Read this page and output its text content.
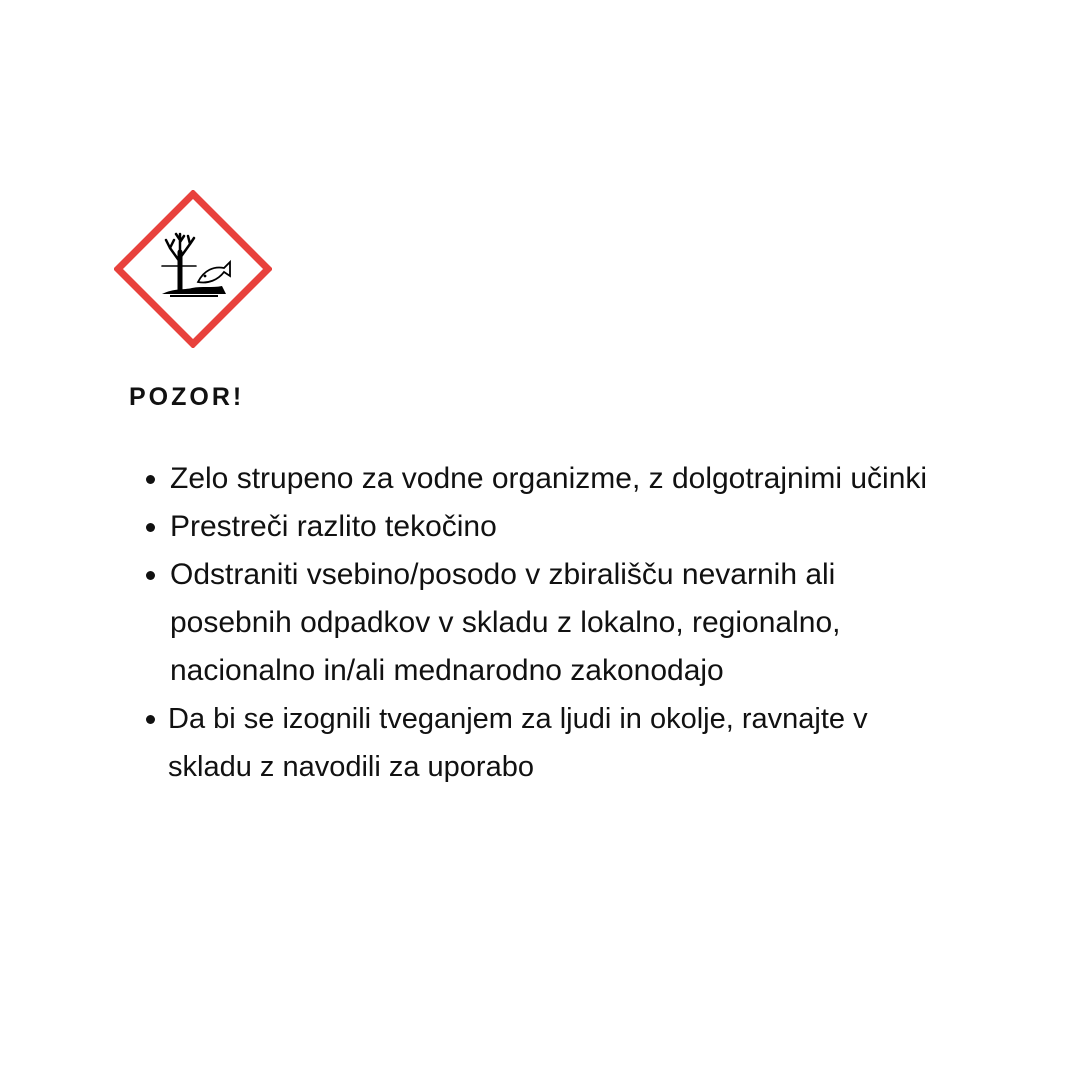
POZOR!
Zelo strupeno za vodne organizme, z dolgotrajnimi učinki
Prestreči razlito tekočino
Odstraniti vsebino/posodo v zbirališču nevarnih ali posebnih odpadkov v skladu z lokalno, regionalno, nacionalno in/ali mednarodno zakonodajo
Da bi se izognili tveganjem za ljudi in okolje, ravnajte v skladu z navodili za uporabo
